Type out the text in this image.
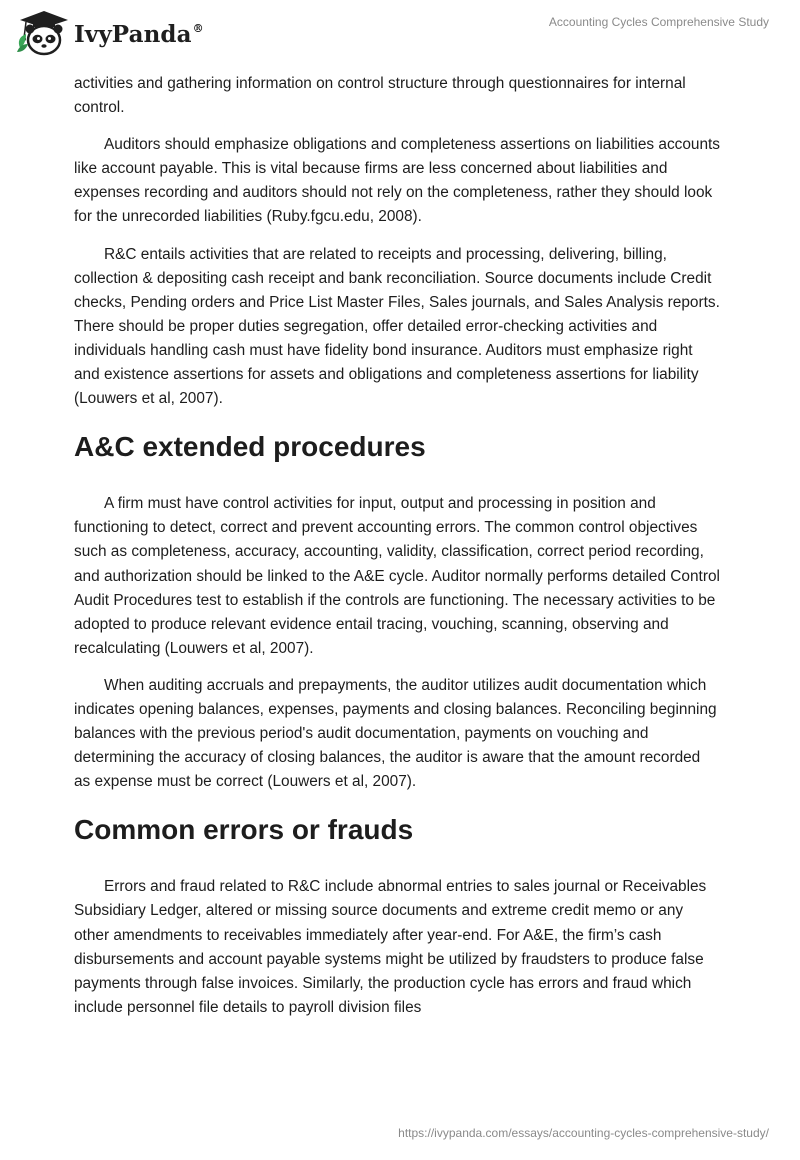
IvyPanda®	Accounting Cycles Comprehensive Study

activities and gathering information on control structure through questionnaires for internal control.

Auditors should emphasize obligations and completeness assertions on liabilities accounts like account payable. This is vital because firms are less concerned about liabilities and expenses recording and auditors should not rely on the completeness, rather they should look for the unrecorded liabilities (Ruby.fgcu.edu, 2008).

R&C entails activities that are related to receipts and processing, delivering, billing, collection & depositing cash receipt and bank reconciliation. Source documents include Credit checks, Pending orders and Price List Master Files, Sales journals, and Sales Analysis reports. There should be proper duties segregation, offer detailed error-checking activities and individuals handling cash must have fidelity bond insurance. Auditors must emphasize right and existence assertions for assets and obligations and completeness assertions for liability (Louwers et al, 2007).

A&C extended procedures

A firm must have control activities for input, output and processing in position and functioning to detect, correct and prevent accounting errors. The common control objectives such as completeness, accuracy, accounting, validity, classification, correct period recording, and authorization should be linked to the A&E cycle. Auditor normally performs detailed Control Audit Procedures test to establish if the controls are functioning. The necessary activities to be adopted to produce relevant evidence entail tracing, vouching, scanning, observing and recalculating (Louwers et al, 2007).

When auditing accruals and prepayments, the auditor utilizes audit documentation which indicates opening balances, expenses, payments and closing balances. Reconciling beginning balances with the previous period's audit documentation, payments on vouching and determining the accuracy of closing balances, the auditor is aware that the amount recorded as expense must be correct (Louwers et al, 2007).

Common errors or frauds

Errors and fraud related to R&C include abnormal entries to sales journal or Receivables Subsidiary Ledger, altered or missing source documents and extreme credit memo or any other amendments to receivables immediately after year-end. For A&E, the firm’s cash disbursements and account payable systems might be utilized by fraudsters to produce false payments through false invoices. Similarly, the production cycle has errors and fraud which include personnel file details to payroll division files

https://ivypanda.com/essays/accounting-cycles-comprehensive-study/
